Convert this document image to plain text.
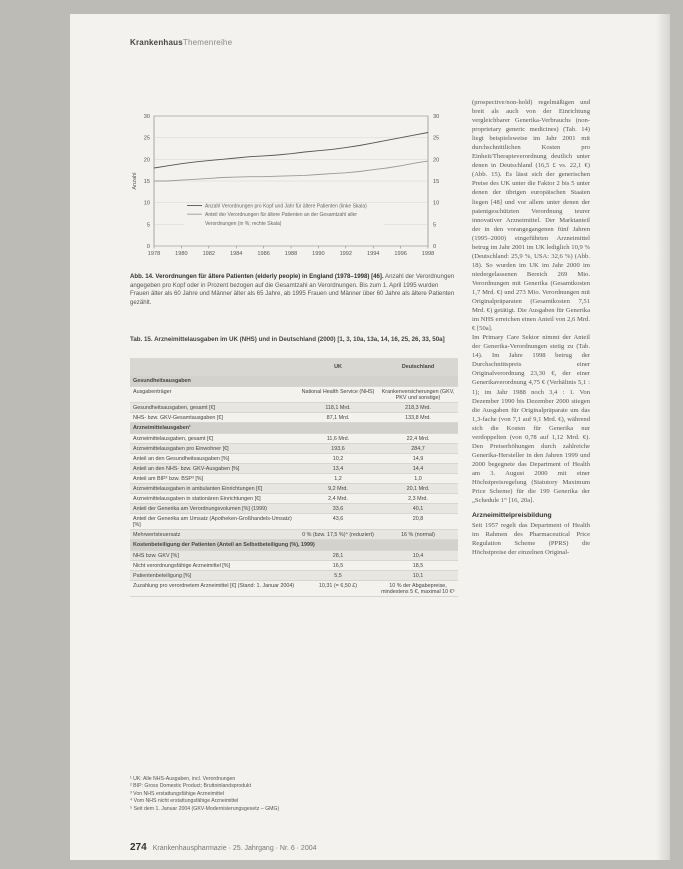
KrankenhausThemenreihe
0
5
10
15
20
25
30
0
5
10
15
20
25
30
1978	1980	1982	1984	1986	1988	1990	1992	1994	1996	1998
Anzahl
Anzahl Verordnungen pro Kopf und Jahr für ältere Patienten (linke Skala)
Anteil der Verordnungen für ältere Patienten an der Gesamtzahl aller
Verordnungen (in %; rechte Skala)
Abb. 14. Verordnungen für ältere Patienten (elderly people) in England (1978–1998) [46]. Anzahl der Verordnungen angegeben pro Kopf oder in Prozent bezogen auf die Gesamtzahl an Verordnungen. Bis zum 1. April 1995 wurden Frauen älter als 60 Jahre und Männer älter als 65 Jahre, ab 1995 Frauen und Männer über 60 Jahre als ältere Patienten gezählt.
Tab. 15. Arzneimittelausgaben im UK (NHS) und in Deutschland (2000) [1, 3, 10a, 13a, 14, 16, 25, 26, 33, 50a]
UK	Deutschland
Gesundheitsausgaben
Ausgabenträger	National Health Service (NHS)	Krankenversicherungen (GKV, PKV und sonstige)
Gesundheitsausgaben, gesamt [€]	118,1 Mrd.	218,3 Mrd.
NHS- bzw. GKV-Gesamtausgaben [€]	87,1 Mrd.	133,8 Mrd.
Arzneimittelausgaben¹
Arzneimittelausgaben, gesamt [€]	11,6 Mrd.	22,4 Mrd.
Arzneimittelausgaben pro Einwohner [€]	193,6	284,7
Anteil an den Gesundheitsausgaben [%]	10,2	14,9
Anteil an den NHS- bzw. GKV-Ausgaben [%]	13,4	14,4
Anteil am BIP² bzw. BSP³ [%]	1,2	1,0
Arzneimittelausgaben in ambulanten Einrichtungen [€]	9,2 Mrd.	20,1 Mrd.
Arzneimittelausgaben in stationären Einrichtungen [€]	2,4 Mrd.	2,3 Mrd.
Anteil der Generika am Verordnungsvolumen [%] (1999)	33,6	40,1
Anteil der Generika am Umsatz (Apotheken-Großhandels-Umsatz) [%]
43,6	20,8
Mehrwertsteuersatz	0 % (bzw. 17,5 %)⁴ (reduziert)	16 % (normal)
Kostenbeteiligung der Patienten (Anteil an Selbstbeteiligung (%), 1999)
NHS bzw. GKV [%]	28,1	10,4
Nicht verordnungsfähige Arzneimittel [%]	16,5	18,5
Patientenbeteiligung [%]	5,5	10,1
Zuzahlung pro verordnetem Arzneimittel [€] (Stand: 1. Januar 2004)	10,31 (= 6,50 £)	10 % der Abgabepreise, mindestens 5 €, maximal 10 €⁵
¹ UK: Alle NHS-Ausgaben, incl. Verordnungen
² BIP: Gross Domestic Product; Bruttoinlandsprodukt
³ Von NHS erstattungsfähige Arzneimittel
⁴ Vom NHS nicht erstattungsfähige Arzneimittel
⁵ Seit dem 1. Januar 2004 (GKV-Modernisierungsgesetz – GMG)
274 Krankenhauspharmazie · 25. Jahrgang · Nr. 6 · 2004

(prospective/non-hold) regelmäßigen und breit als auch von der Einrichtung vergleichbarer Generika-Verbrauchs (non-proprietary generic medicines) (Tab. 14) liegt beispielsweise im Jahr 2001 mit durchschnittlichen Kosten pro Einheit/Therapieverordnung deutlich unter denen in Deutschland (16,5 £ vs. 22,1 €) (Abb. 15). Es lässt sich der generischen Preise des UK unter die Faktor 2 bis 5 unter denen der übrigen europäischen Staaten liegen [48] und vor allem unter denen der patentgeschützten Verordnung teurer innovativer Arzneimittel. Der Marktanteil der in den vorangegangenen fünf Jahren (1995–2000) eingeführten Arzneimittel betrug im Jahr 2001 im UK lediglich 10,9 % (Deutschland: 25,9 %, USA: 32,6 %) (Abb. 18). So wurden im UK im Jahr 2000 im niedergelassenen Bereich 269 Mio. Verordnungen mit Generika (Gesamtkosten 1,7 Mrd. €) und 273 Mio. Verordnungen mit Originalpräparaten (Gesamtkosten 7,51 Mrd. €) getätigt. Die Ausgaben für Generika im NHS erreichen einen Anteil von 2,6 Mrd. € [50a].

Im Primary Care Sektor nimmt der Anteil der Generika-Verordnungen stetig zu (Tab. 14). Im Jahre 1998 betrug der Durchschnittspreis einer Originalverordnung 23,30 €, der einer Generikaverordnung 4,75 € (Verhältnis 5,1 : 1); im Jahr 1988 noch 3,4 : 1. Von Dezember 1990 bis Dezember 2000 stiegen die Ausgaben für Originalpräparate um das 1,3-fache (von 7,1 auf 9,1 Mrd. €), während sich die Kosten für Generika nur verdoppelten (von 0,78 auf 1,12 Mrd. €). Den Preiserhöhungen durch zahlreiche Generika-Hersteller in den Jahren 1999 und 2000 begegnete das Department of Health am 3. August 2000 mit einer Höchstpreisregelung (Statutory Maximum Price Scheme) für die 199 Generika der „Schedule 1“ [16, 20a].

Arzneimittelpreisbildung

Seit 1957 regelt das Department of Health im Rahmen des Pharmaceutical Price Regulation Scheme (PPRS) die Höchstpreise der einzelnen Original-
